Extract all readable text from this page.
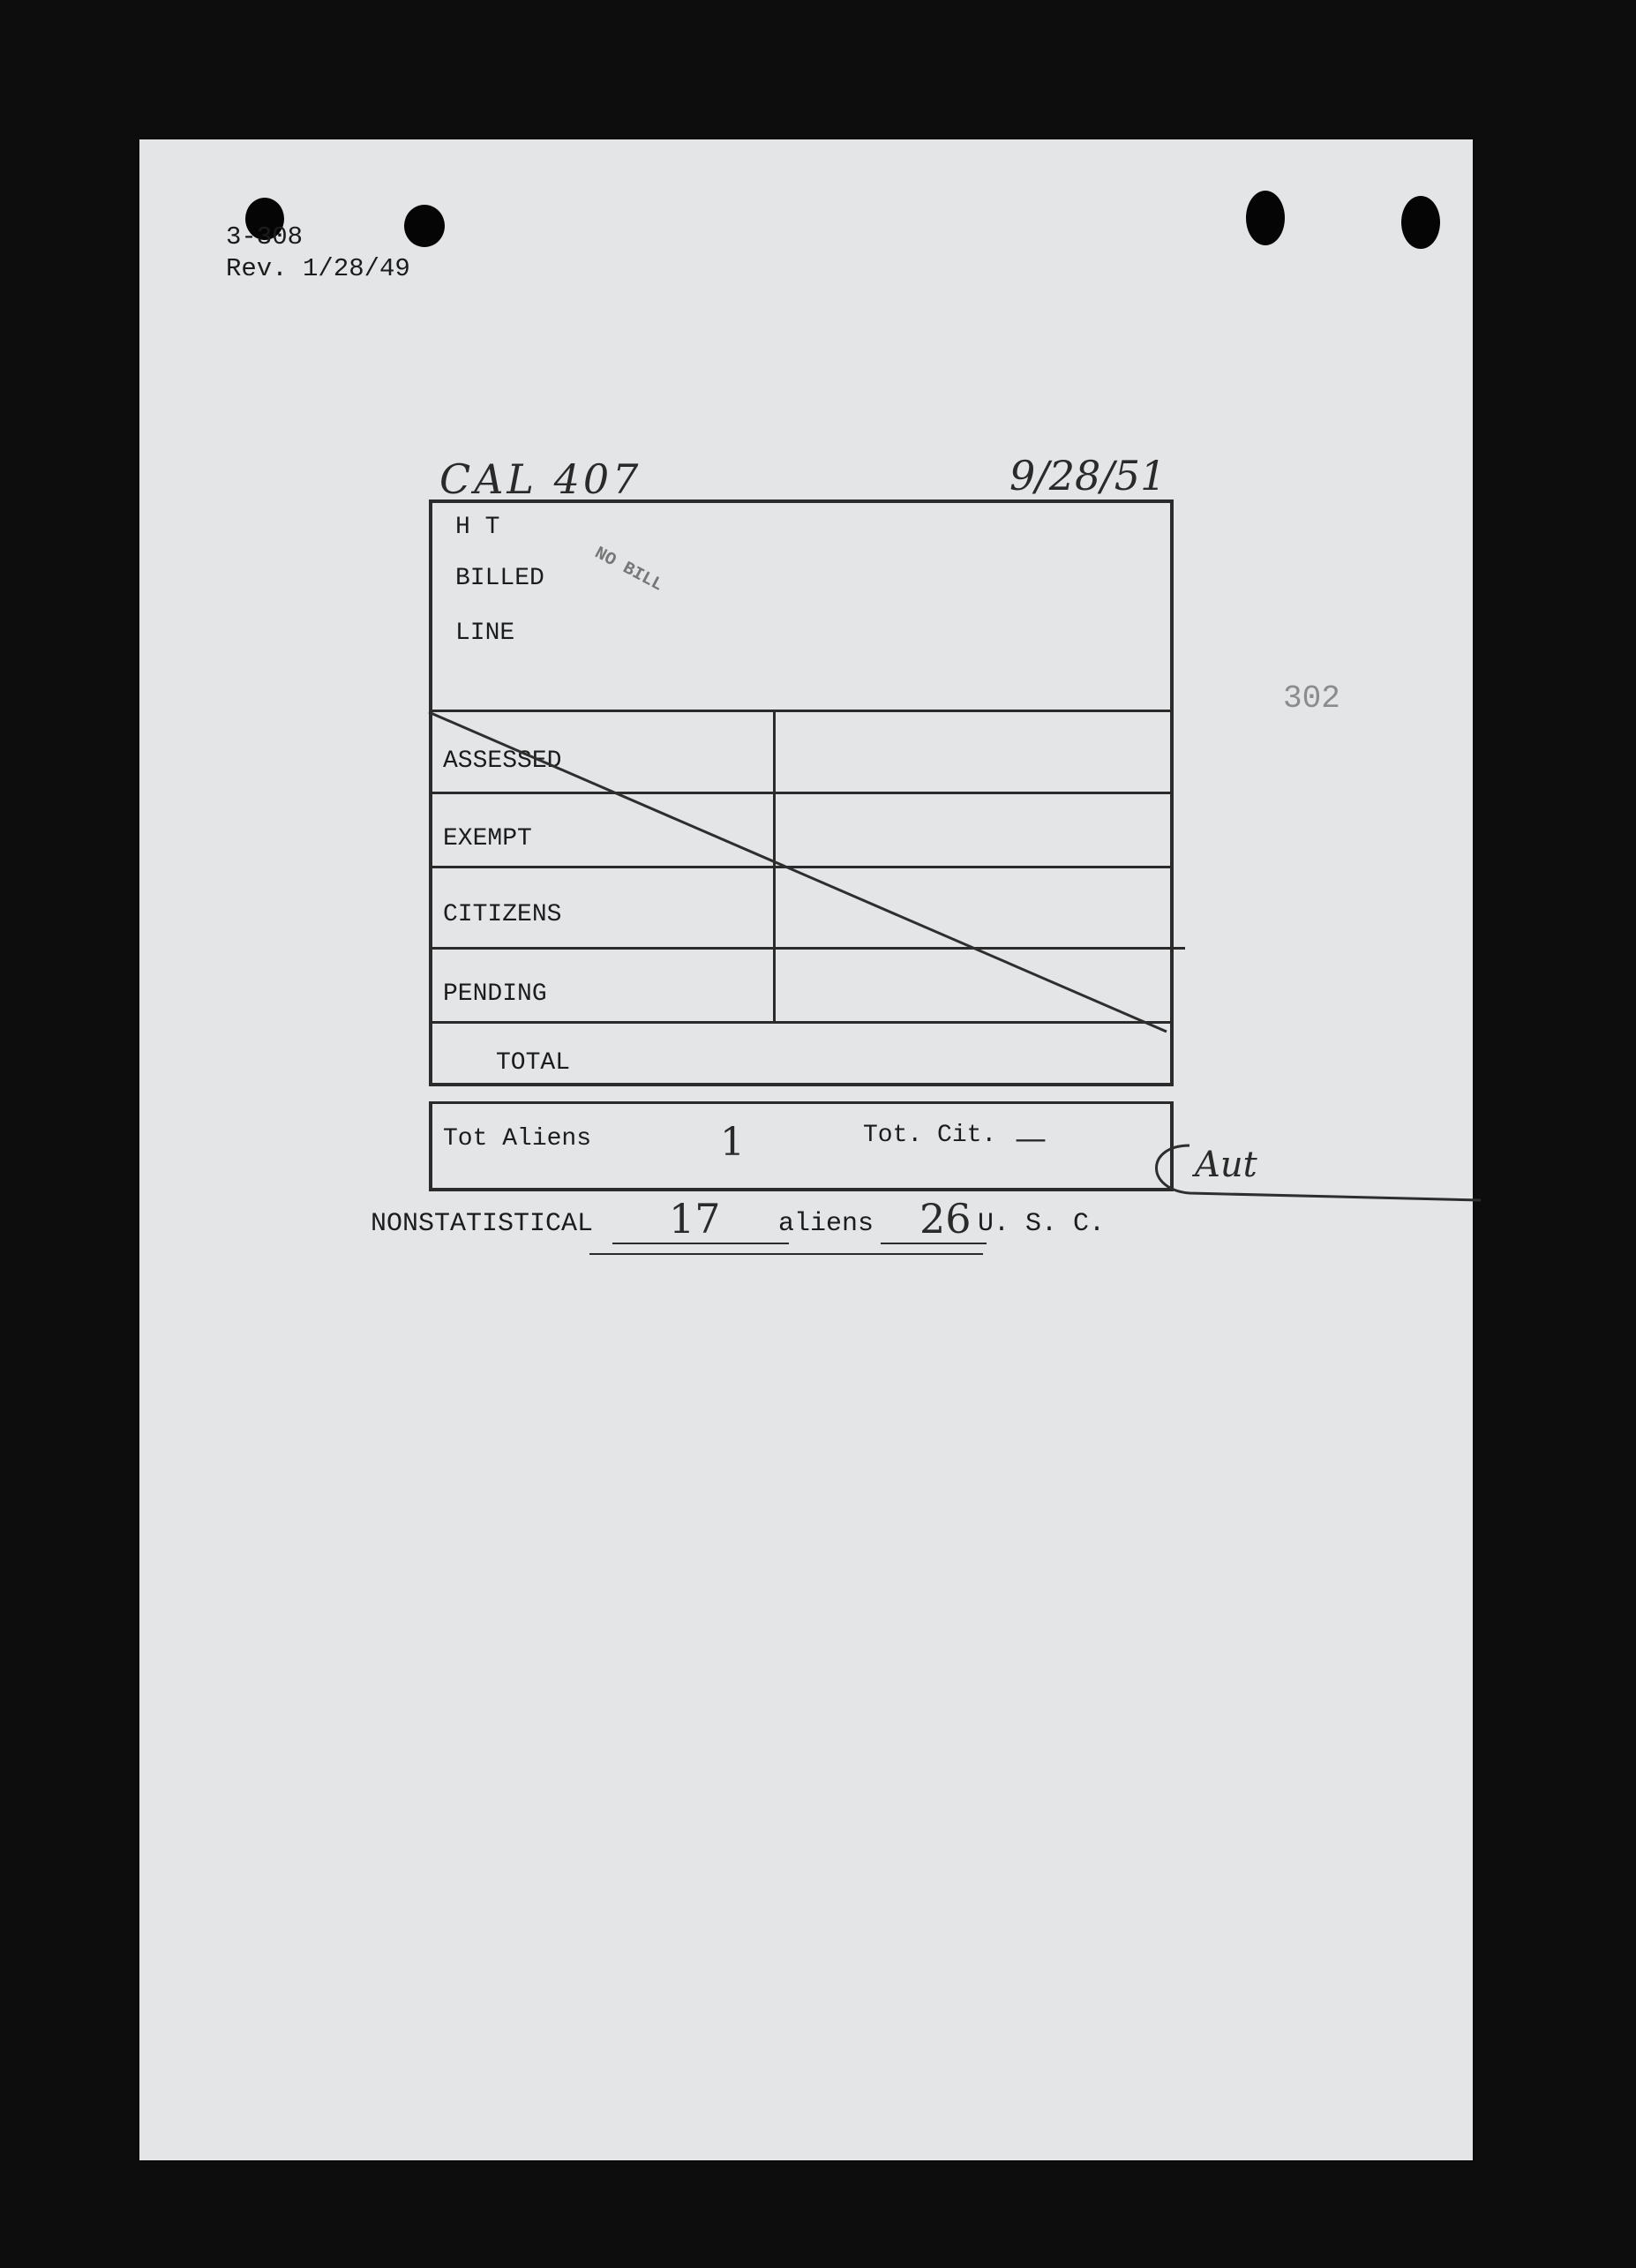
3-308
Rev. 1/28/49
CAL 407	9/28/51
302
H T
BILLED
LINE
NO BILL
ASSESSED
EXEMPT
CITIZENS
PENDING
TOTAL
Tot Aliens	1	Tot. Cit. —
Aut
NONSTATISTICAL 17 aliens 26 U. S. C.
